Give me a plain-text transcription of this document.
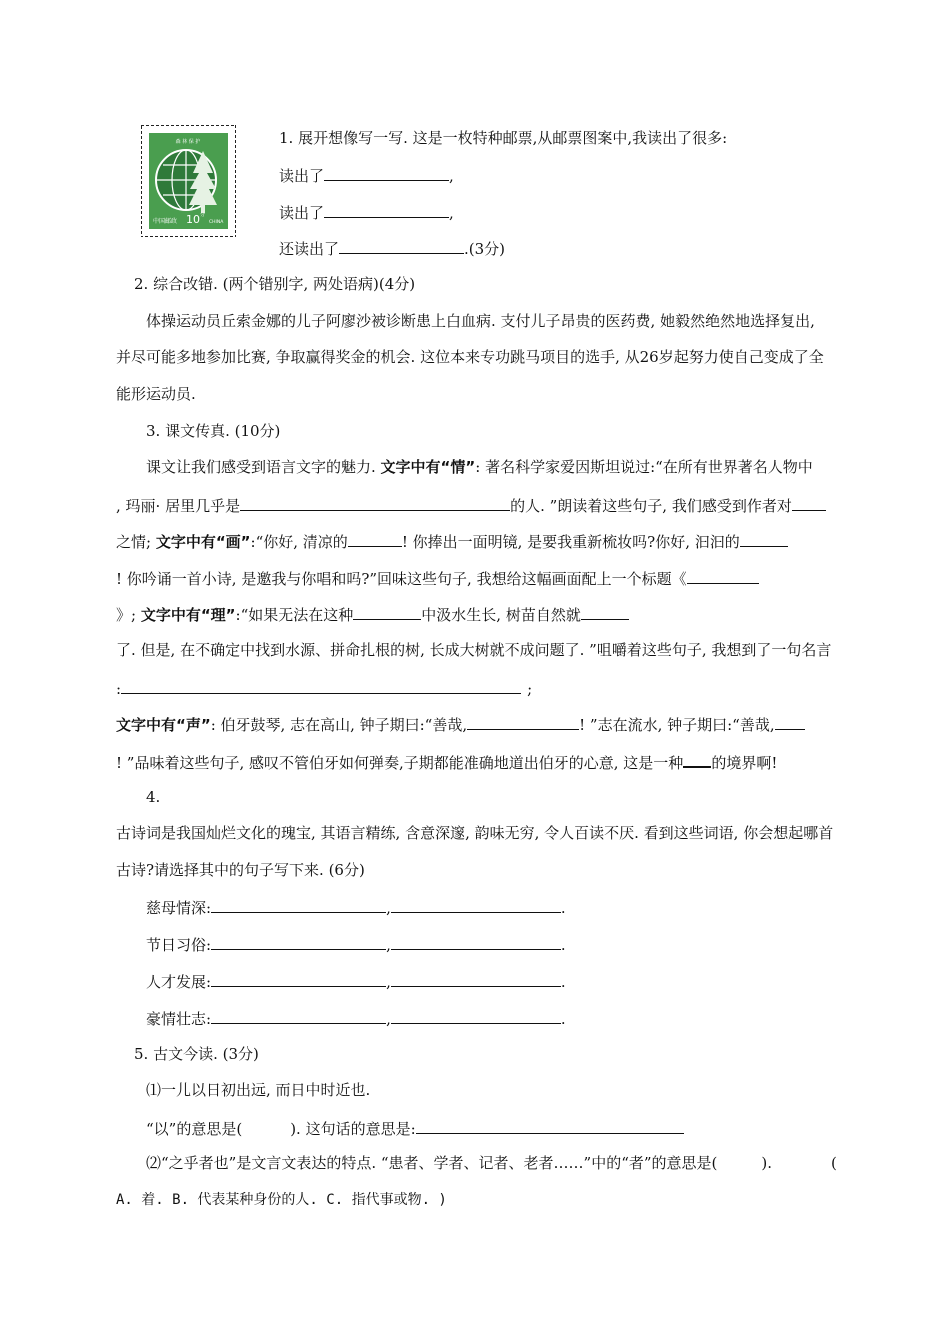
森 林 保 护
中国邮政 10 分
CHINA
1. 展开想像写一写. 这是一枚特种邮票,从邮票图案中,我读出了很多:
读出了	,
读出了	,
还读出了	.(3分)
2. 综合改错. (两个错别字, 两处语病)(4分)
体操运动员丘索金娜的儿子阿廖沙被诊断患上白血病. 支付儿子昂贵的医药费, 她毅然绝然地选择复出,
并尽可能多地参加比赛, 争取赢得奖金的机会. 这位本来专功跳马项目的选手, 从26岁起努力使自己变成了全
能形运动员.
3. 课文传真. (10分)
课文让我们感受到语言文字的魅力. 文字中有“情”: 著名科学家爱因斯坦说过:“在所有世界著名人物中
, 玛丽· 居里几乎是	的人. ”朗读着这些句子, 我们感受到作者对
之情; 文字中有“画”:“你好, 清凉的	! 你捧出一面明镜, 是要我重新梳妆吗?你好, 汩汩的
! 你吟诵一首小诗, 是邀我与你唱和吗?”回味这些句子, 我想给这幅画面配上一个标题《
》; 文字中有“理”:“如果无法在这种	中汲水生长, 树苗自然就
了. 但是, 在不确定中找到水源、拼命扎根的树, 长成大树就不成问题了. ”咀嚼着这些句子, 我想到了一句名言
:	;
文字中有“声”: 伯牙鼓琴, 志在高山, 钟子期曰:“善哉,	! ”志在流水, 钟子期曰:“善哉,
! ”品味着这些句子, 感叹不管伯牙如何弹奏,子期都能准确地道出伯牙的心意, 这是一种 的境界啊!
4.
古诗词是我国灿烂文化的瑰宝, 其语言精练, 含意深邃, 韵味无穷, 令人百读不厌. 看到这些词语, 你会想起哪首
古诗?请选择其中的句子写下来. (6分)
慈母情深:	,	.
节日习俗:	,	.
人才发展:	,	.
豪情壮志:	,	.
5. 古文今读. (3分)
⑴一儿以日初出远, 而日中时近也.
“以”的意思是(	). 这句话的意思是:
⑵“之乎者也”是文言文表达的特点. “患者、学者、记者、老者……”中的“者”的意思是(	).	(
A. 着. B. 代表某种身份的人. C. 指代事或物. )
